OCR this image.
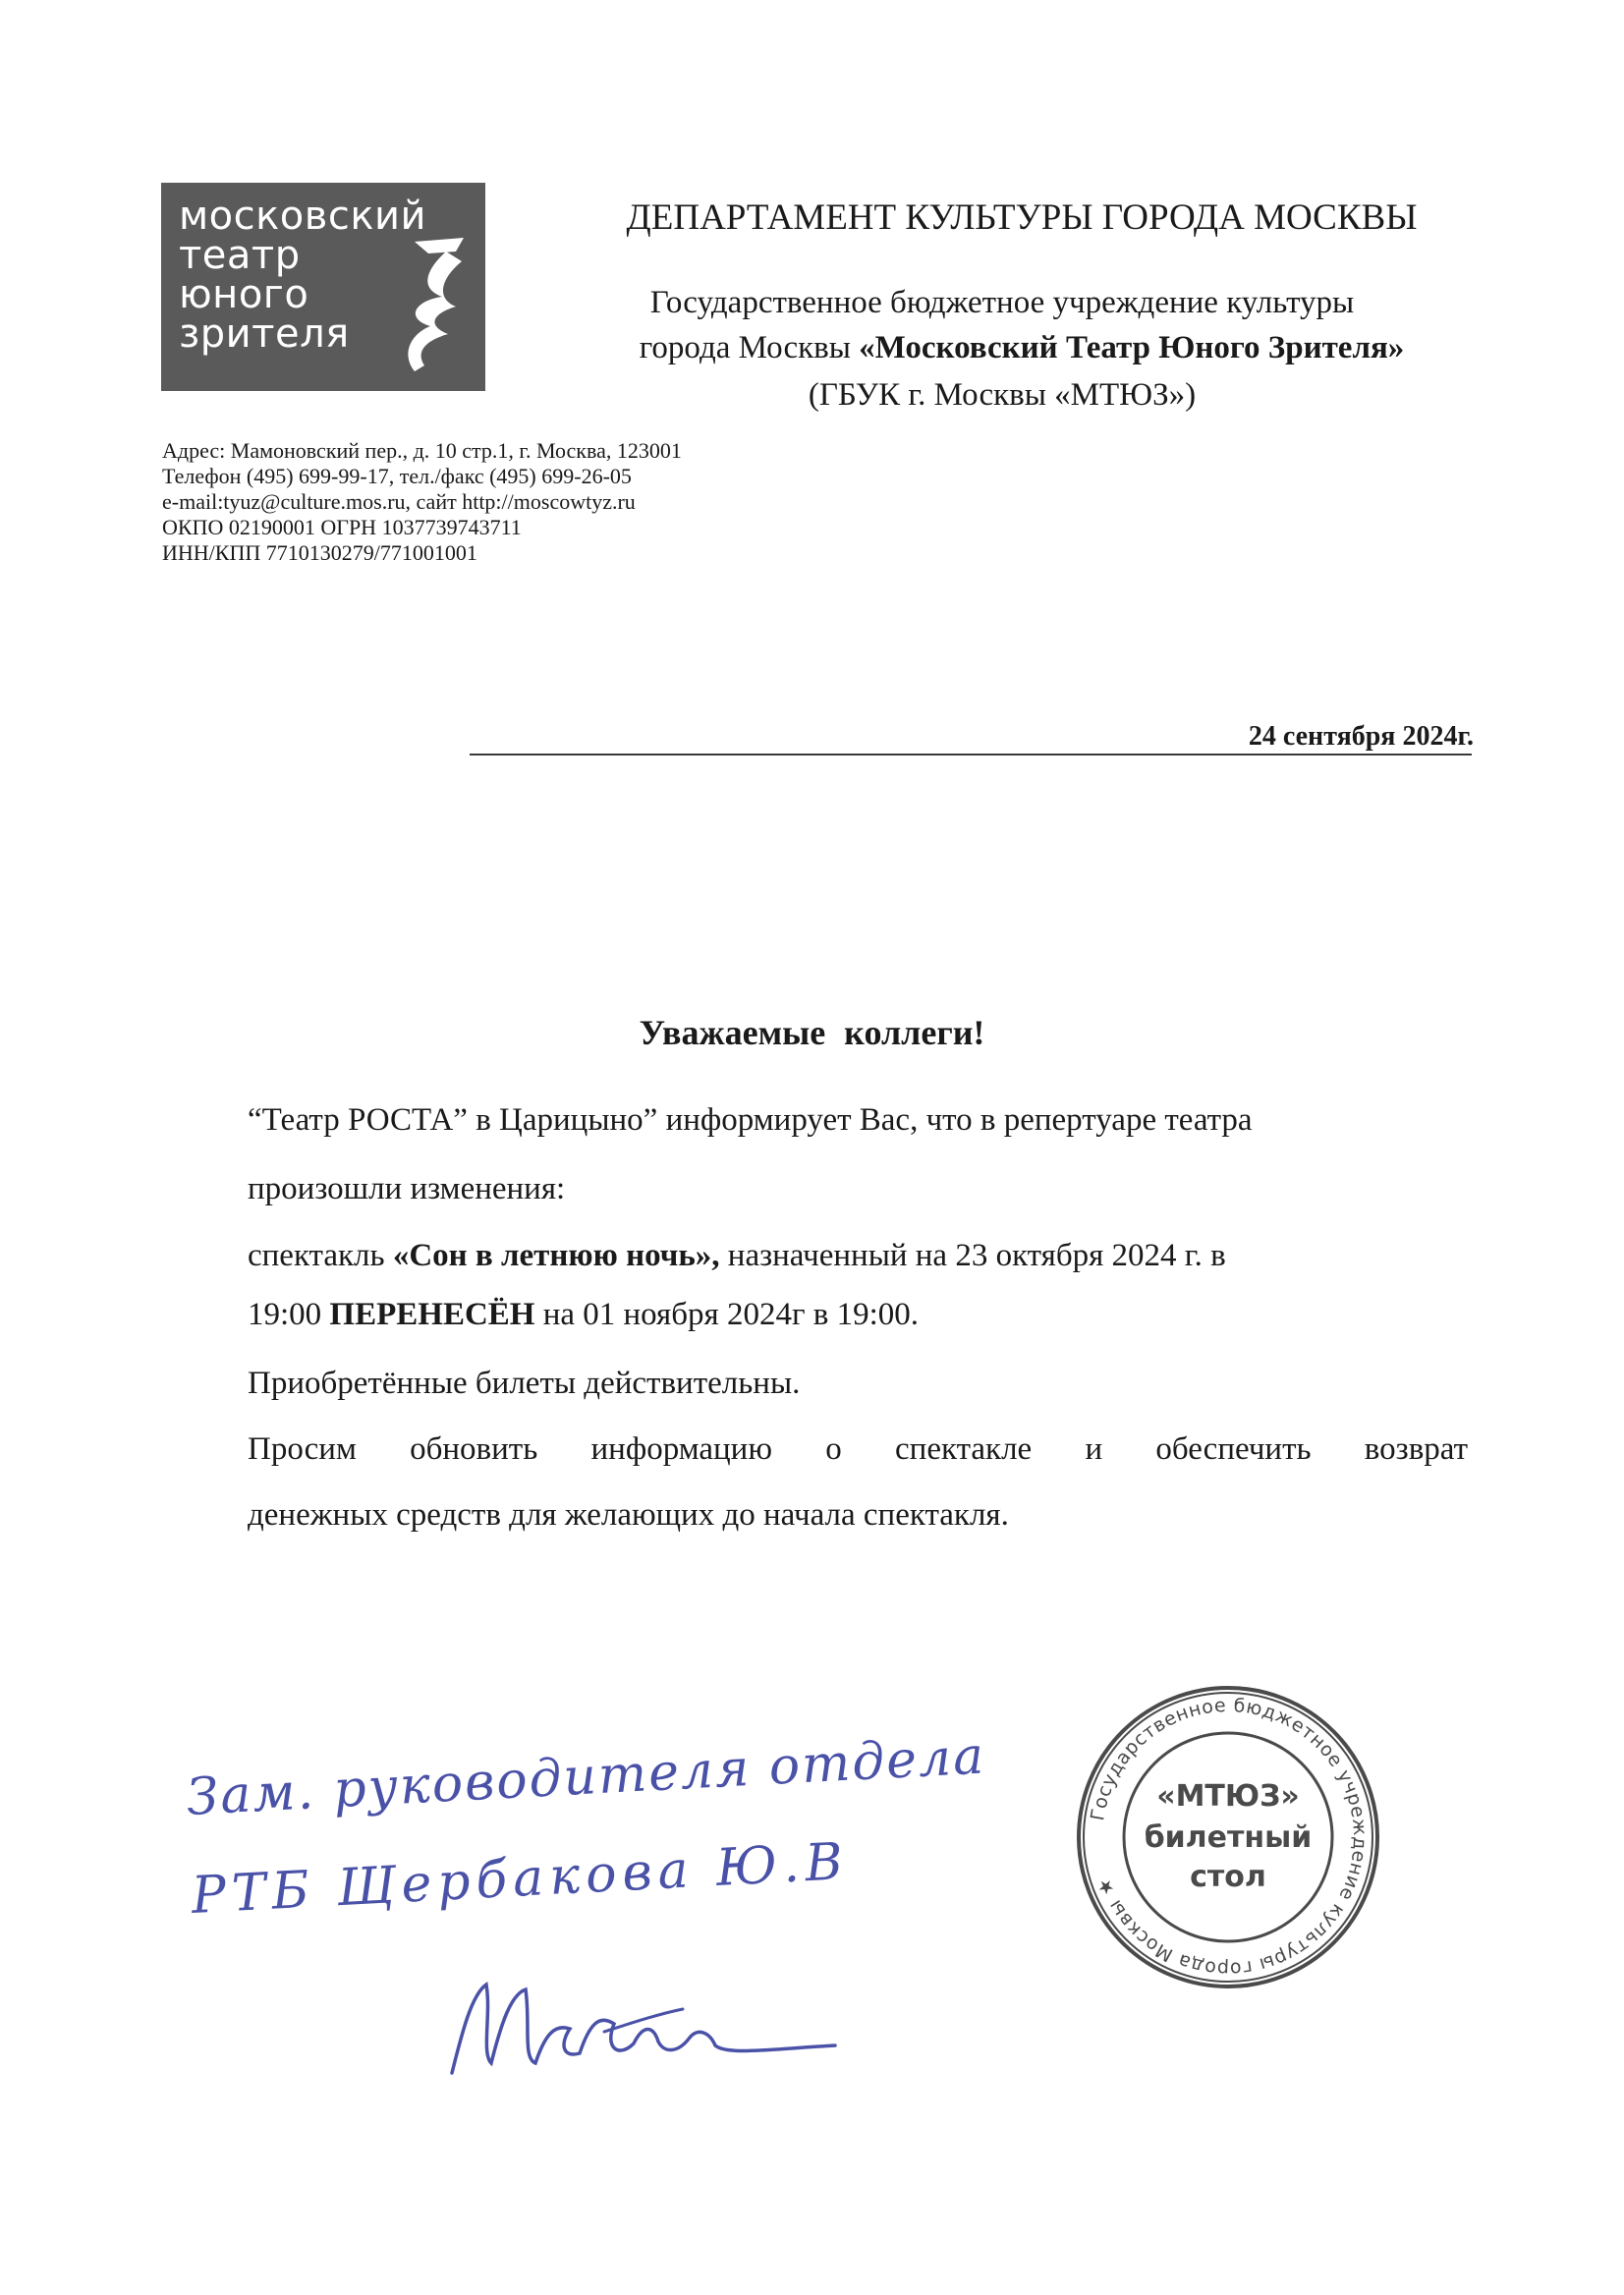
московский
театр
юного
зрителя
ДЕПАРТАМЕНТ КУЛЬТУРЫ ГОРОДА МОСКВЫ
Государственное бюджетное учреждение культуры
города Москвы «Московский Театр Юного Зрителя»
(ГБУК г. Москвы «МТЮЗ»)
Адрес: Мамоновский пер., д. 10 стр.1, г. Москва, 123001
Телефон (495) 699-99-17, тел./факс (495) 699-26-05
e-mail:tyuz@culture.mos.ru, сайт http://moscowtyz.ru
ОКПО 02190001 ОГРН 1037739743711
ИНН/КПП 7710130279/771001001
24 сентября 2024г.
Уважаемые коллеги!
“Театр РОСТА” в Царицыно” информирует Вас, что в репертуаре театра
произошли изменения:
спектакль «Сон в летнюю ночь», назначенный на 23 октября 2024 г. в
19:00 ПЕРЕНЕСЁН на 01 ноября 2024г в 19:00.
Приобретённые билеты действительны.
Просим обновить информацию о спектакле и обеспечить возврат
денежных средств для желающих до начала спектакля.
Зам. руководителя отдела
РТБ Щербакова Ю.В
Государственное бюджетное учреждение культуры города Москвы ★
«МТЮЗ»
билетный
стол
